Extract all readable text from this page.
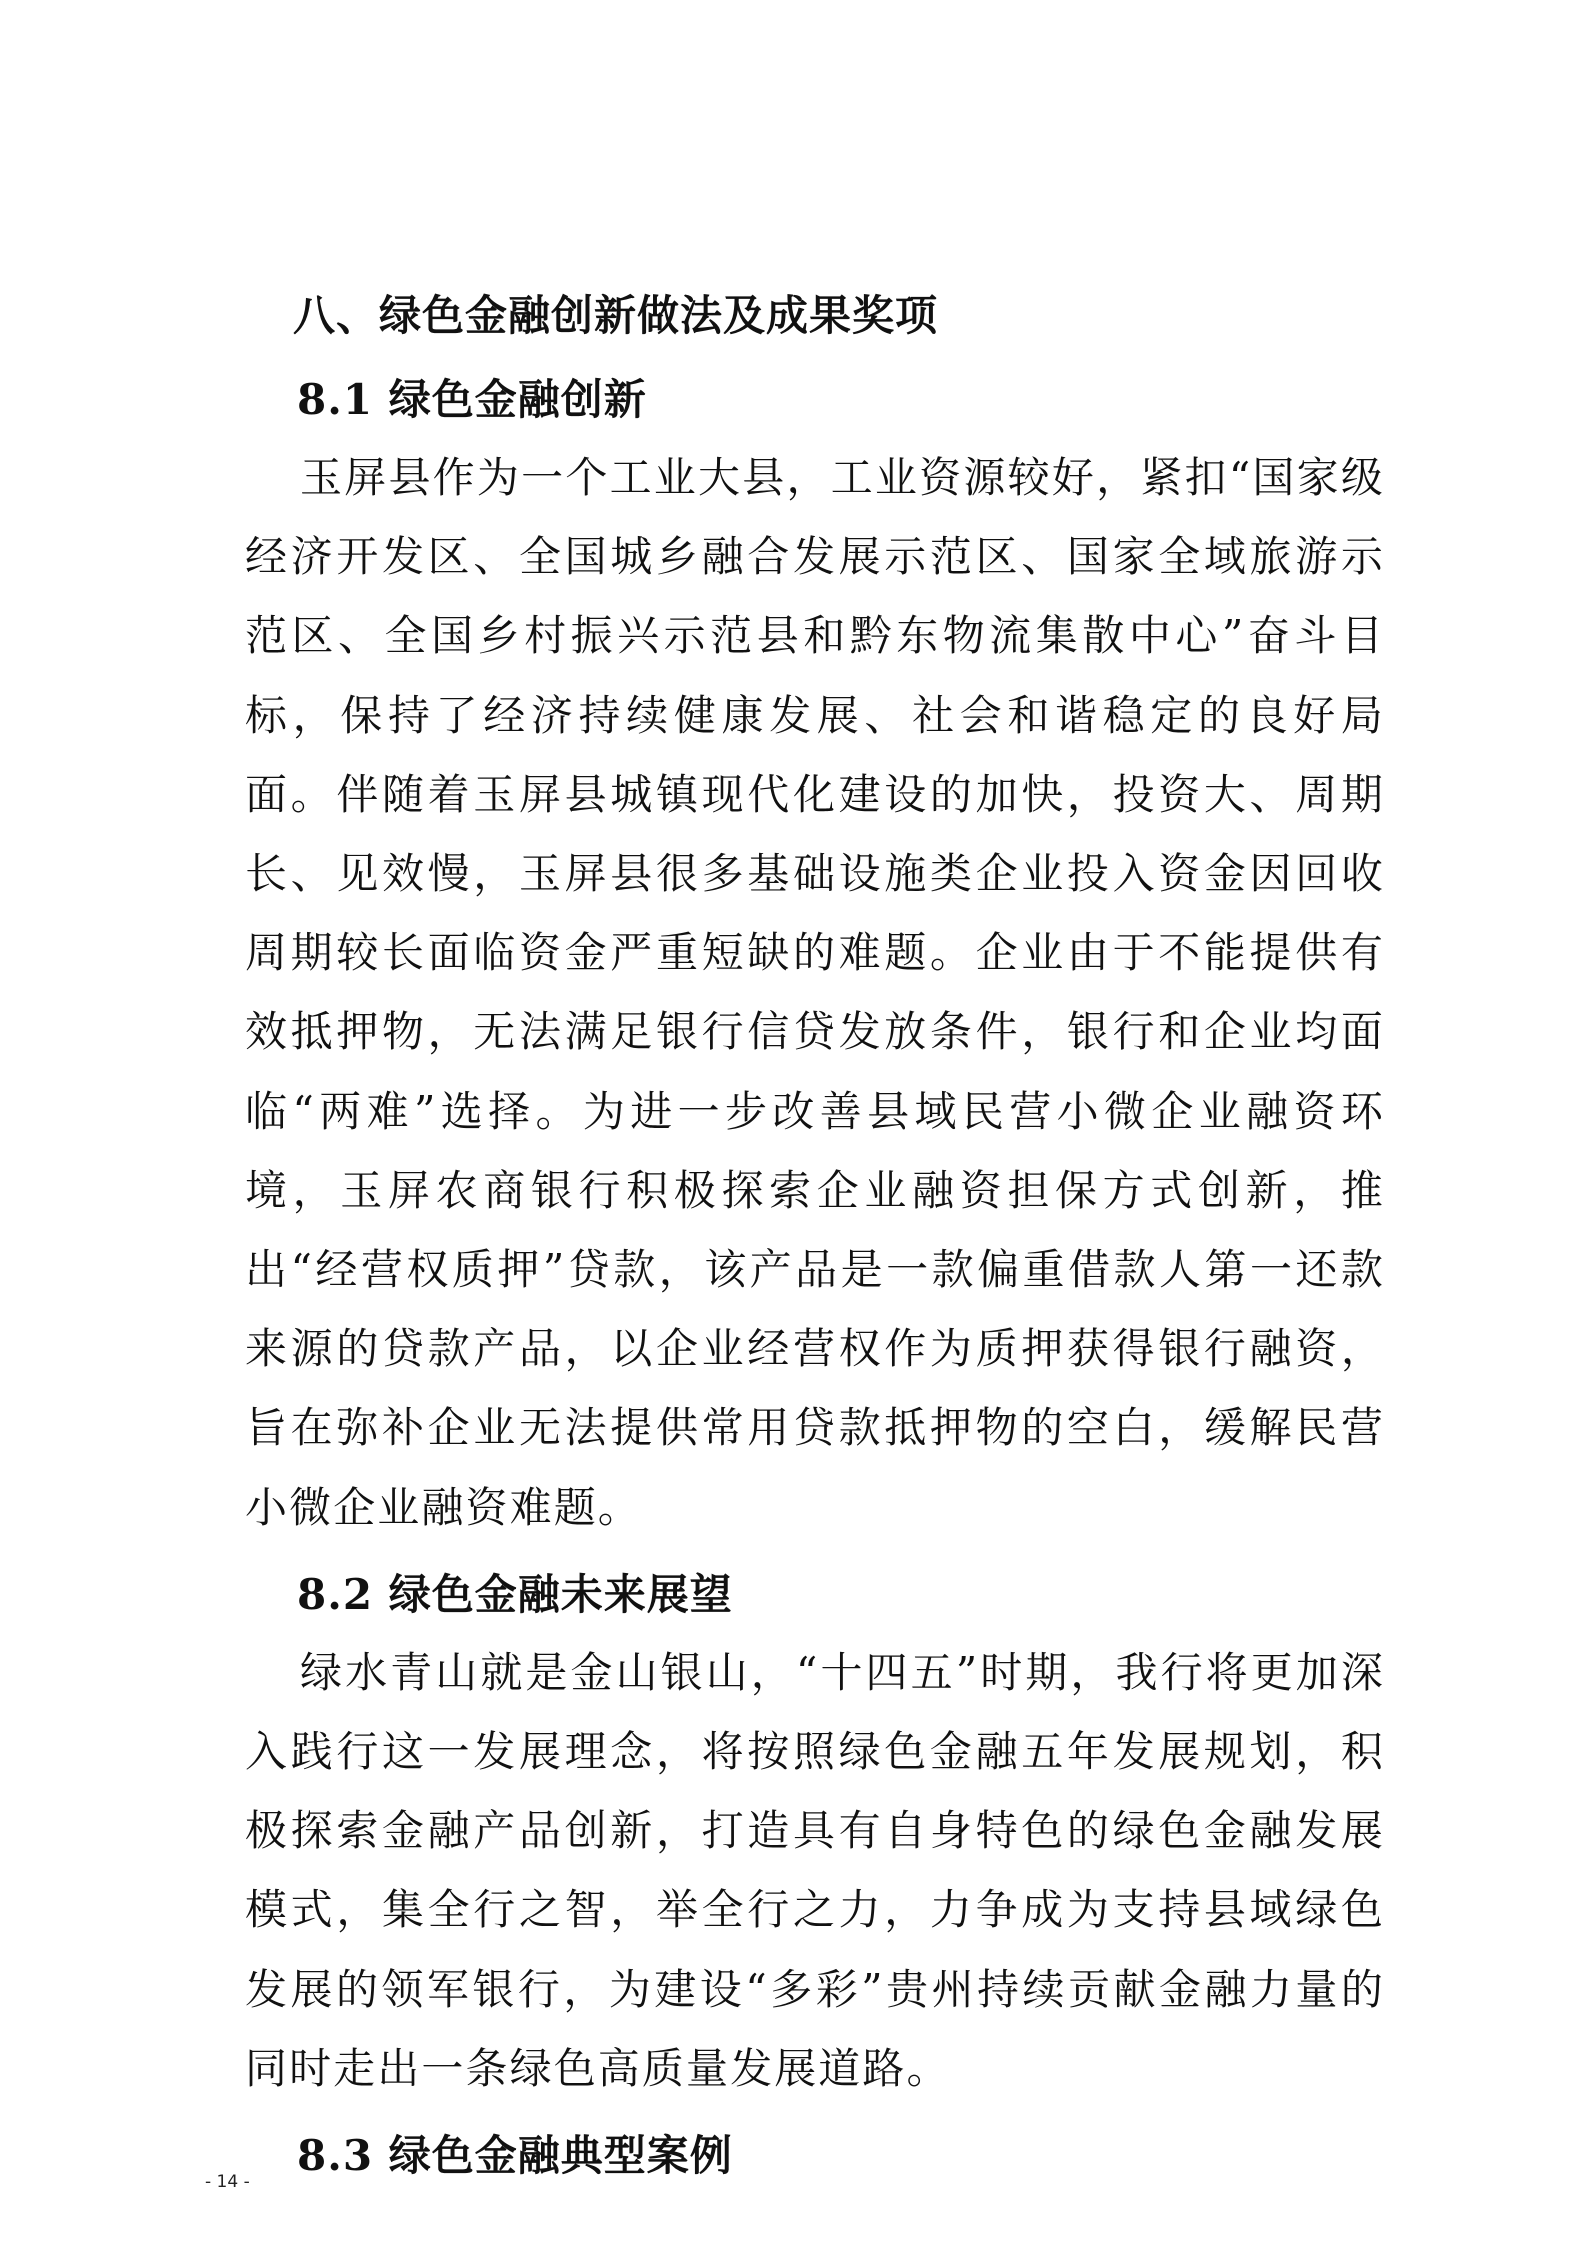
八、绿色金融创新做法及成果奖项
8.1 绿色金融创新

玉屏县作为一个工业大县，工业资源较好，紧扣“国家级经济开发区、全国城乡融合发展示范区、国家全域旅游示范区、全国乡村振兴示范县和黔东物流集散中心”奋斗目标，保持了经济持续健康发展、社会和谐稳定的良好局面。伴随着玉屏县城镇现代化建设的加快，投资大、周期长、见效慢，玉屏县很多基础设施类企业投入资金因回收周期较长面临资金严重短缺的难题。企业由于不能提供有效抵押物，无法满足银行信贷发放条件，银行和企业均面临“两难”选择。为进一步改善县域民营小微企业融资环境，玉屏农商银行积极探索企业融资担保方式创新，推出“经营权质押”贷款，该产品是一款偏重借款人第一还款来源的贷款产品，以企业经营权作为质押获得银行融资，旨在弥补企业无法提供常用贷款抵押物的空白，缓解民营小微企业融资难题。

8.2 绿色金融未来展望

绿水青山就是金山银山，“十四五”时期，我行将更加深入践行这一发展理念，将按照绿色金融五年发展规划，积极探索金融产品创新，打造具有自身特色的绿色金融发展模式，集全行之智，举全行之力，力争成为支持县域绿色发展的领军银行，为建设“多彩”贵州持续贡献金融力量的同时走出一条绿色高质量发展道路。

8.3 绿色金融典型案例
- 14 -
